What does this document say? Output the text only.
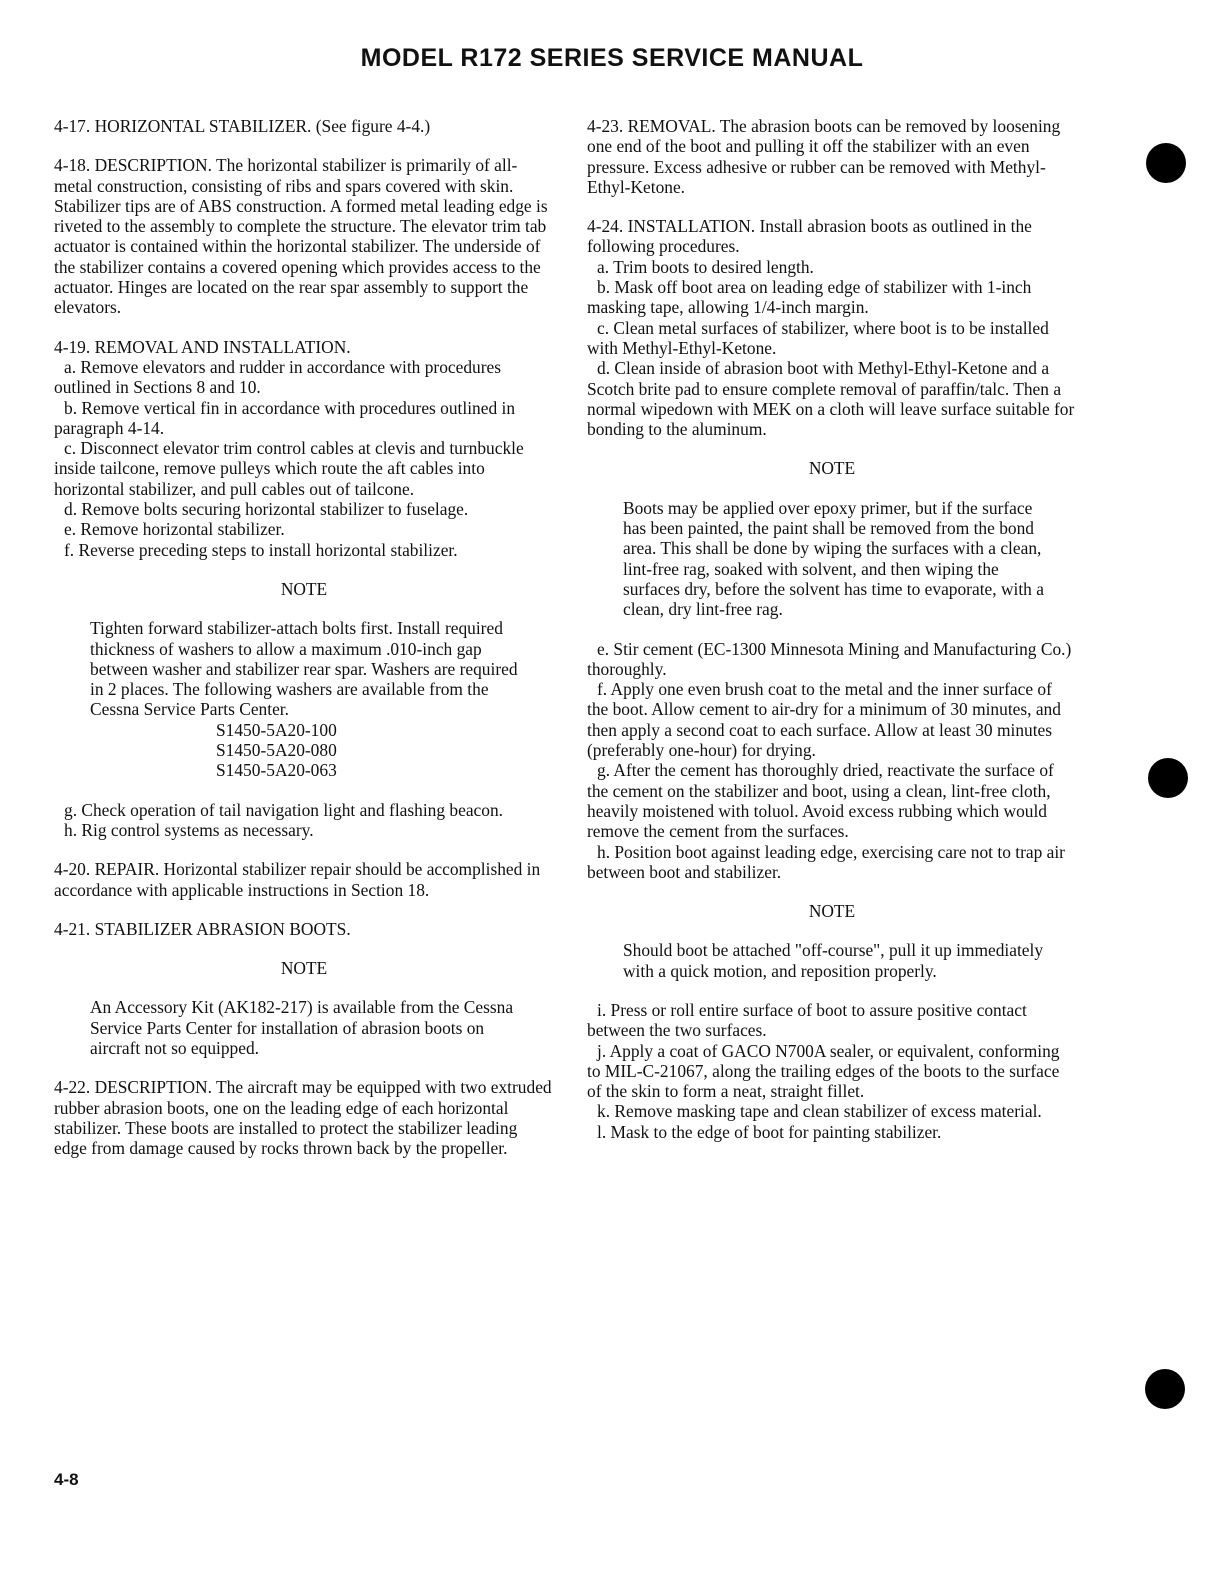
MODEL R172 SERIES SERVICE MANUAL

4-17. HORIZONTAL STABILIZER. (See figure 4-4.)

4-18. DESCRIPTION. The horizontal stabilizer is primarily of all-metal construction, consisting of ribs and spars covered with skin. Stabilizer tips are of ABS construction. A formed metal leading edge is riveted to the assembly to complete the structure. The elevator trim tab actuator is contained within the horizontal stabilizer. The underside of the stabilizer contains a covered opening which provides access to the actuator. Hinges are located on the rear spar assembly to support the elevators.

4-19. REMOVAL AND INSTALLATION.

a. Remove elevators and rudder in accordance with procedures outlined in Sections 8 and 10.

b. Remove vertical fin in accordance with procedures outlined in paragraph 4-14.

c. Disconnect elevator trim control cables at clevis and turnbuckle inside tailcone, remove pulleys which route the aft cables into horizontal stabilizer, and pull cables out of tailcone.

d. Remove bolts securing horizontal stabilizer to fuselage.

e. Remove horizontal stabilizer.

f. Reverse preceding steps to install horizontal stabilizer.

NOTE

Tighten forward stabilizer-attach bolts first. Install required thickness of washers to allow a maximum .010-inch gap between washer and stabilizer rear spar. Washers are required in 2 places. The following washers are available from the Cessna Service Parts Center.

S1450-5A20-100

S1450-5A20-080

S1450-5A20-063

g. Check operation of tail navigation light and flashing beacon.

h. Rig control systems as necessary.

4-20. REPAIR. Horizontal stabilizer repair should be accomplished in accordance with applicable instructions in Section 18.

4-21. STABILIZER ABRASION BOOTS.

NOTE

An Accessory Kit (AK182-217) is available from the Cessna Service Parts Center for installation of abrasion boots on aircraft not so equipped.

4-22. DESCRIPTION. The aircraft may be equipped with two extruded rubber abrasion boots, one on the leading edge of each horizontal stabilizer. These boots are installed to protect the stabilizer leading edge from damage caused by rocks thrown back by the propeller.

4-23. REMOVAL. The abrasion boots can be removed by loosening one end of the boot and pulling it off the stabilizer with an even pressure. Excess adhesive or rubber can be removed with Methyl-Ethyl-Ketone.

4-24. INSTALLATION. Install abrasion boots as outlined in the following procedures.

a. Trim boots to desired length.

b. Mask off boot area on leading edge of stabilizer with 1-inch masking tape, allowing 1/4-inch margin.

c. Clean metal surfaces of stabilizer, where boot is to be installed with Methyl-Ethyl-Ketone.

d. Clean inside of abrasion boot with Methyl-Ethyl-Ketone and a Scotch brite pad to ensure complete removal of paraffin/talc. Then a normal wipedown with MEK on a cloth will leave surface suitable for bonding to the aluminum.

NOTE

Boots may be applied over epoxy primer, but if the surface has been painted, the paint shall be removed from the bond area. This shall be done by wiping the surfaces with a clean, lint-free rag, soaked with solvent, and then wiping the surfaces dry, before the solvent has time to evaporate, with a clean, dry lint-free rag.

e. Stir cement (EC-1300 Minnesota Mining and Manufacturing Co.) thoroughly.

f. Apply one even brush coat to the metal and the inner surface of the boot. Allow cement to air-dry for a minimum of 30 minutes, and then apply a second coat to each surface. Allow at least 30 minutes (preferably one-hour) for drying.

g. After the cement has thoroughly dried, reactivate the surface of the cement on the stabilizer and boot, using a clean, lint-free cloth, heavily moistened with toluol. Avoid excess rubbing which would remove the cement from the surfaces.

h. Position boot against leading edge, exercising care not to trap air between boot and stabilizer.

NOTE

Should boot be attached "off-course", pull it up immediately with a quick motion, and reposition properly.

i. Press or roll entire surface of boot to assure positive contact between the two surfaces.

j. Apply a coat of GACO N700A sealer, or equivalent, conforming to MIL-C-21067, along the trailing edges of the boots to the surface of the skin to form a neat, straight fillet.

k. Remove masking tape and clean stabilizer of excess material.

l. Mask to the edge of boot for painting stabilizer.

4-8
